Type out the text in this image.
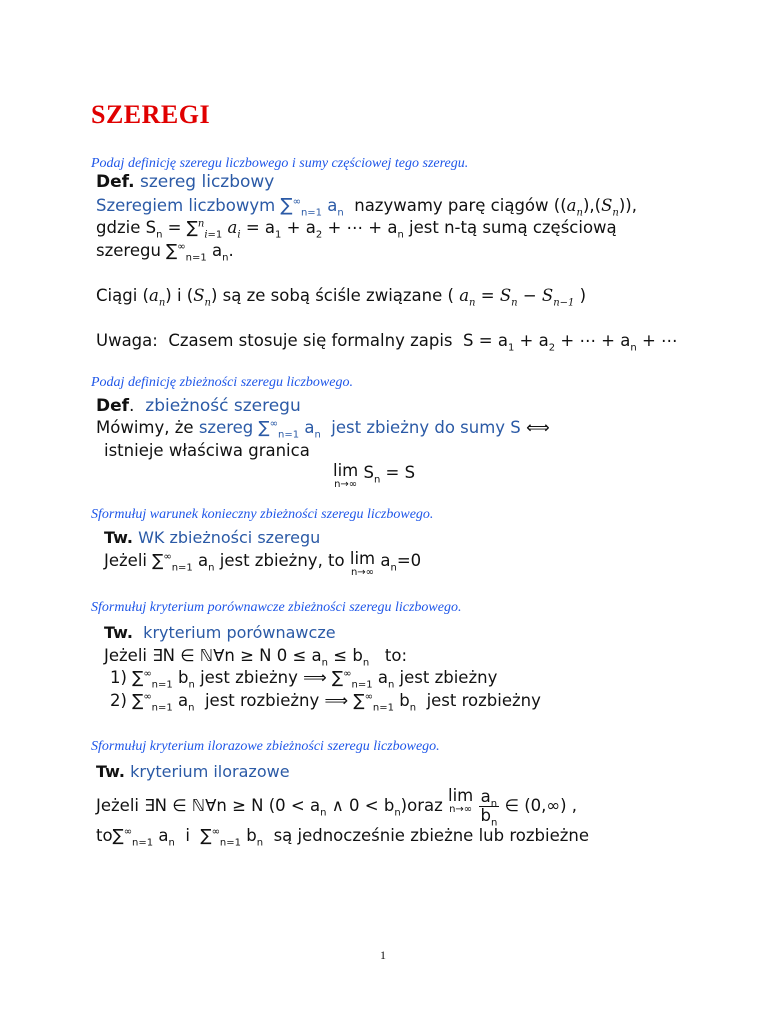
SZEREGI
Podaj definicję szeregu liczbowego i sumy częściowej tego szeregu.
Def. szereg liczbowy
Szeregiem liczbowym $\sum^\infty_{n=1}$ $a_n$ nazywamy parę ciągów $((a_n),(S_n))$,
gdzie $S_n = \sum^n_{i=1}$ $a_i = a_1 + a_2$ + ⋯ + $a_n$ jest n-tą sumą częściową
szeregu $\sum^\infty_{n=1}$ $a_n$.
Ciągi $(a_n)$ i $(S_n)$ są ze sobą ściśle związane ( $a_n = S_n - S_{n-1}$ )
Uwaga: Czasem stosuje się formalny zapis $S = a_1 + a_2$ + ⋯ + $a_n$ + ⋯
Podaj definicję zbieżności szeregu liczbowego.
Def.  zbieżność szeregu
Mówimy, że szereg $\sum^\infty_{n=1}$ $a_n$ jest zbieżny do sumy S ⟺
istnieje właściwa granica
lim
n→∞
$S_n = S$
Sformułuj warunek konieczny zbieżności szeregu liczbowego.
Tw. WK zbieżności szeregu
Jeżeli $\sum^\infty_{n=1}$ $a_n$ jest zbieżny, to lim
n→∞
$a_n=0$
Sformułuj kryterium porównawcze zbieżności szeregu liczbowego.
Tw. kryterium porównawcze
Jeżeli ∃N ∈ ℕ∀n ≥ N $0 \le a_n \le b_n$ to:
1) $\sum^\infty_{n=1}$ $b_n$ jest zbieżny ⟹ $\sum^\infty_{n=1}$ $a_n$ jest zbieżny
2) $\sum^\infty_{n=1}$ $a_n$ jest rozbieżny ⟹ $\sum^\infty_{n=1}$ $b_n$ jest rozbieżny
Sformułuj kryterium ilorazowe zbieżności szeregu liczbowego.
Tw. kryterium ilorazowe
Jeżeli ∃N ∈ ℕ∀n ≥ N ($0 < a_n$ ∧ $0 < b_n)oraz$ lim
n→∞
$\frac{a_n}{b_n}$ ∈ (0,∞) ,
$to\sum^\infty_{n=1}$ $a_n$ i $\sum^\infty_{n=1}$ $b_n$ są jednocześnie zbieżne lub rozbieżne
1
